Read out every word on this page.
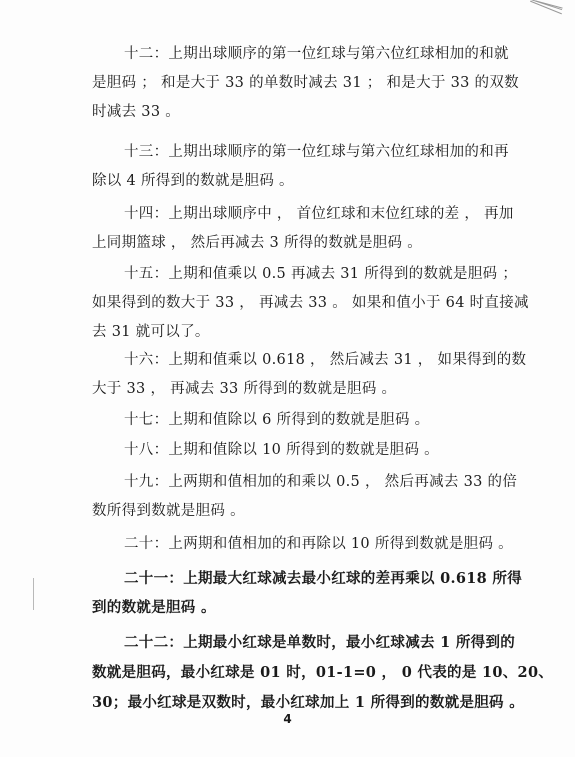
十二：上期出球顺序的第一位红球与第六位红球相加的和就
是胆码 ； 和是大于 33 的单数时减去 31 ； 和是大于 33 的双数
时减去 33 。
十三：上期出球顺序的第一位红球与第六位红球相加的和再
除以 4 所得到的数就是胆码 。
十四：上期出球顺序中 ， 首位红球和末位红球的差 ， 再加
上同期篮球 ， 然后再减去 3 所得的数就是胆码 。
十五：上期和值乘以 0.5 再减去 31 所得到的数就是胆码 ；
如果得到的数大于 33 ， 再减去 33 。 如果和值小于 64 时直接减
去 31 就可以了。
十六：上期和值乘以 0.618 ， 然后减去 31 ， 如果得到的数
大于 33 ， 再减去 33 所得到的数就是胆码 。
十七：上期和值除以 6 所得到的数就是胆码 。
十八：上期和值除以 10 所得到的数就是胆码 。
十九：上两期和值相加的和乘以 0.5 ， 然后再减去 33 的倍
数所得到数就是胆码 。
二十：上两期和值相加的和再除以 10 所得到数就是胆码 。
二十一：上期最大红球减去最小红球的差再乘以 0.618 所得
到的数就是胆码 。
二十二：上期最小红球是单数时，最小红球减去 1 所得到的
数就是胆码，最小红球是 01 时，01-1=0 ， 0 代表的是 10、20、
30；最小红球是双数时，最小红球加上 1 所得到的数就是胆码 。
4
